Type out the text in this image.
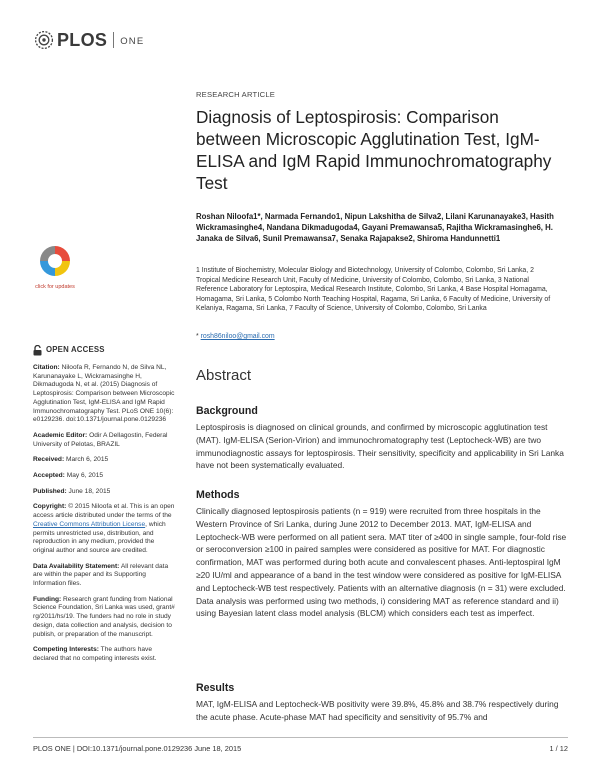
PLOS ONE
click for updates
OPEN ACCESS
Citation: Niloofa R, Fernando N, de Silva NL, Karunanayake L, Wickramasinghe H, Dikmadugoda N, et al. (2015) Diagnosis of Leptospirosis: Comparison between Microscopic Agglutination Test, IgM-ELISA and IgM Rapid Immunochromatography Test. PLoS ONE 10(6): e0129236. doi:10.1371/journal.pone.0129236
Academic Editor: Odir A Dellagostin, Federal University of Pelotas, BRAZIL
Received: March 6, 2015
Accepted: May 6, 2015
Published: June 18, 2015
Copyright: © 2015 Niloofa et al. This is an open access article distributed under the terms of the Creative Commons Attribution License, which permits unrestricted use, distribution, and reproduction in any medium, provided the original author and source are credited.
Data Availability Statement: All relevant data are within the paper and its Supporting Information files.
Funding: Research grant funding from National Science Foundation, Sri Lanka was used, grant# rg/2011/hs/19. The funders had no role in study design, data collection and analysis, decision to publish, or preparation of the manuscript.
Competing Interests: The authors have declared that no competing interests exist.
RESEARCH ARTICLE
Diagnosis of Leptospirosis: Comparison between Microscopic Agglutination Test, IgM-ELISA and IgM Rapid Immunochromatography Test
Roshan Niloofa1*, Narmada Fernando1, Nipun Lakshitha de Silva2, Lilani Karunanayake3, Hasith Wickramasinghe4, Nandana Dikmadugoda4, Gayani Premawansa5, Rajitha Wickramasinghe6, H. Janaka de Silva6, Sunil Premawansa7, Senaka Rajapakse2, Shiroma Handunnetti1
1 Institute of Biochemistry, Molecular Biology and Biotechnology, University of Colombo, Colombo, Sri Lanka, 2 Tropical Medicine Research Unit, Faculty of Medicine, University of Colombo, Colombo, Sri Lanka, 3 National Reference Laboratory for Leptospira, Medical Research Institute, Colombo, Sri Lanka, 4 Base Hospital Homagama, Homagama, Sri Lanka, 5 Colombo North Teaching Hospital, Ragama, Sri Lanka, 6 Faculty of Medicine, University of Kelaniya, Ragama, Sri Lanka, 7 Faculty of Science, University of Colombo, Colombo, Sri Lanka
* rosh86niloo@gmail.com
Abstract
Background

Leptospirosis is diagnosed on clinical grounds, and confirmed by microscopic agglutination test (MAT). IgM-ELISA (Serion-Virion) and immunochromatography test (Leptocheck-WB) are two immunodiagnostic assays for leptospirosis. Their sensitivity, specificity and applicability in Sri Lanka have not been systematically evaluated.

Methods

Clinically diagnosed leptospirosis patients (n = 919) were recruited from three hospitals in the Western Province of Sri Lanka, during June 2012 to December 2013. MAT, IgM-ELISA and Leptocheck-WB were performed on all patient sera. MAT titer of ≥400 in single sample, four-fold rise or seroconversion ≥100 in paired samples were considered as positive for MAT. For diagnostic confirmation, MAT was performed during both acute and convalescent phases. Anti-leptospiral IgM ≥20 IU/ml and appearance of a band in the test window were considered as positive for IgM-ELISA and Leptocheck-WB test respectively. Patients with an alternative diagnosis (n = 31) were excluded. Data analysis was performed using two methods, i) considering MAT as reference standard and ii) using Bayesian latent class model analysis (BLCM) which considers each test as imperfect.

Results

MAT, IgM-ELISA and Leptocheck-WB positivity were 39.8%, 45.8% and 38.7% respectively during the acute phase. Acute-phase MAT had specificity and sensitivity of 95.7% and

PLOS ONE | DOI:10.1371/journal.pone.0129236 June 18, 2015	1 / 12
